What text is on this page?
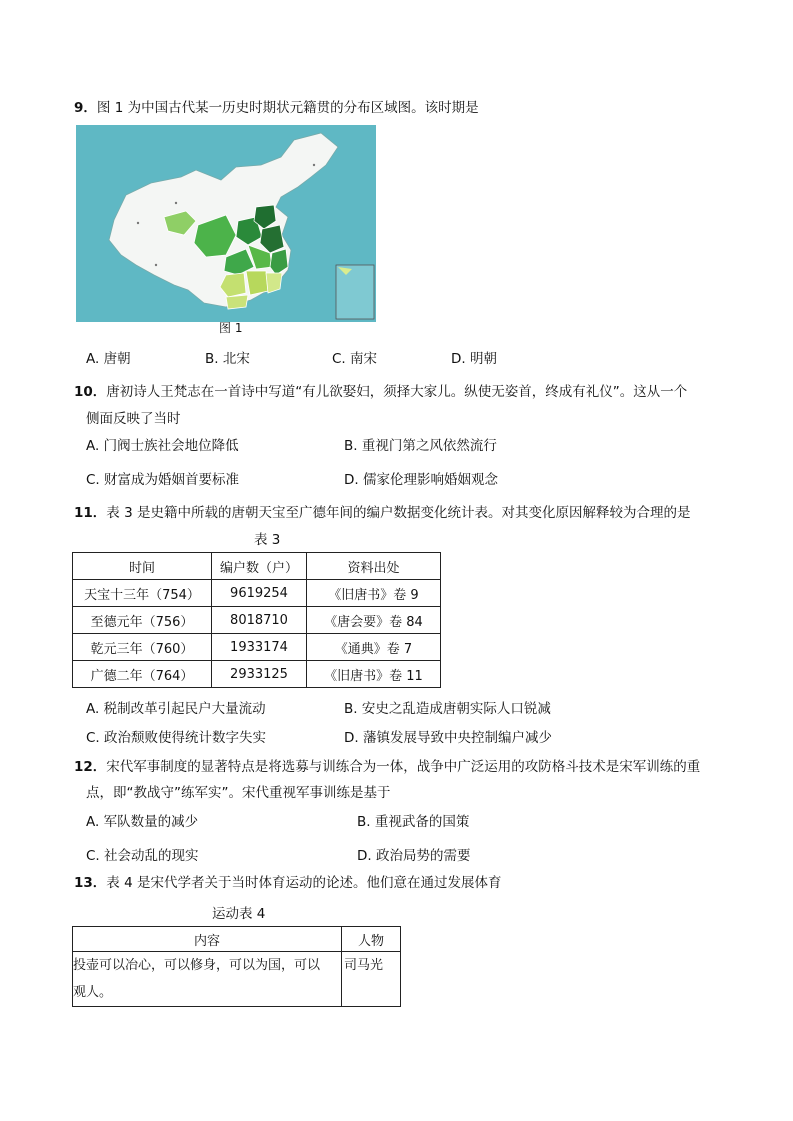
9．图 1 为中国古代某一历史时期状元籍贯的分布区域图。该时期是
图 1
A. 唐朝	B. 北宋	C. 南宋	D. 明朝
10．唐初诗人王梵志在一首诗中写道“有儿欲娶妇，须择大家儿。纵使无姿首，终成有礼仪”。这从一个
侧面反映了当时
A. 门阀士族社会地位降低	B. 重视门第之风依然流行
C. 财富成为婚姻首要标准	D. 儒家伦理影响婚姻观念
11．表 3 是史籍中所载的唐朝天宝至广德年间的编户数据变化统计表。对其变化原因解释较为合理的是
表 3
时间	编户数（户）	资料出处
天宝十三年（754）	9619254	《旧唐书》卷 9
至德元年（756）	8018710	《唐会要》卷 84
乾元三年（760）	1933174	《通典》卷 7
广德二年（764）	2933125	《旧唐书》卷 11
A. 税制改革引起民户大量流动	B. 安史之乱造成唐朝实际人口锐减
C. 政治颓败使得统计数字失实	D. 藩镇发展导致中央控制编户减少
12．宋代军事制度的显著特点是将选募与训练合为一体，战争中广泛运用的攻防格斗技术是宋军训练的重
点，即“教战守”练军实”。宋代重视军事训练是基于
A. 军队数量的减少	B. 重视武备的国策
C. 社会动乱的现实	D. 政治局势的需要
13．表 4 是宋代学者关于当时体育运动的论述。他们意在通过发展体育
运动表 4
内容	人物

投壶可以冶心，可以修身，可以为国，可以
观人。	司马光
